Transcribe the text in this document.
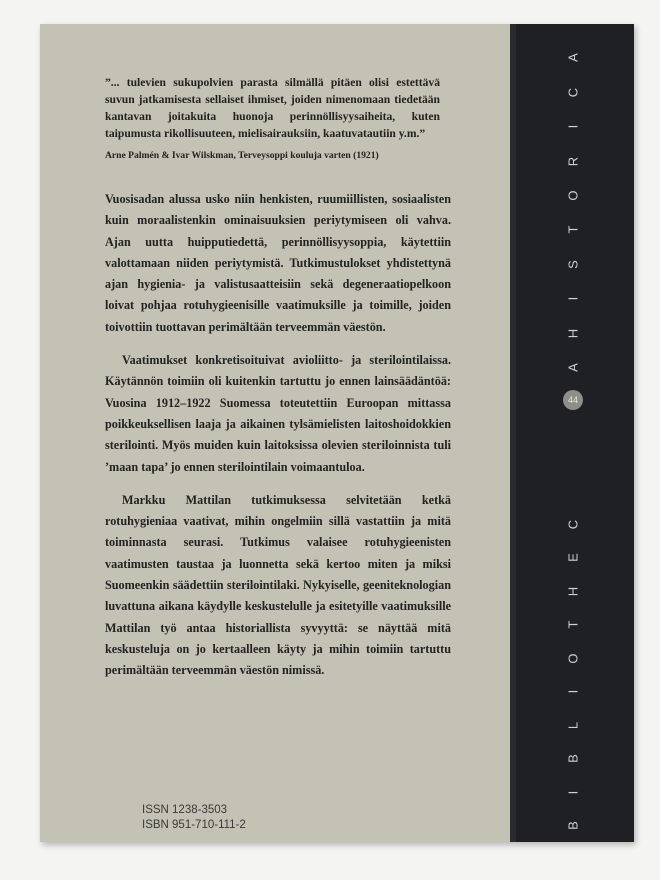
”... tulevien sukupolvien parasta silmällä pitäen olisi estettävä suvun jatkamisesta sellaiset ihmiset, joiden nimenomaan tiedetään kantavan joitakuita huonoja perinnöllisyysaiheita, kuten taipumusta rikollisuuteen, mielisairauksiin, kaatuvatautiin y.m.”
Arne Palmén & Ivar Wilskman, Terveysoppi kouluja varten (1921)

Vuosisadan alussa usko niin henkisten, ruumiillisten, sosiaalisten kuin moraalistenkin ominaisuuksien periytymiseen oli vahva. Ajan uutta huipputiedettä, perinnöllisyysoppia, käytettiin valottamaan niiden periytymistä. Tutkimustulokset yhdistettynä ajan hygienia- ja valistusaatteisiin sekä degeneraatiopelkoon loivat pohjaa rotuhygieenisille vaatimuksille ja toimille, joiden toivottiin tuottavan perimältään terveemmän väestön.

Vaatimukset konkretisoituivat avioliitto- ja sterilointilaissa. Käytännön toimiin oli kuitenkin tartuttu jo ennen lainsäädäntöä: Vuosina 1912–1922 Suomessa toteutettiin Euroopan mittassa poikkeuksellisen laaja ja aikainen tylsämielisten laitoshoidokkien sterilointi. Myös muiden kuin laitoksissa olevien steriloinnista tuli ’maan tapa’ jo ennen sterilointilain voimaantuloa.

Markku Mattilan tutkimuksessa selvitetään ketkä rotuhygieniaa vaativat, mihin ongelmiin sillä vastattiin ja mitä toiminnasta seurasi. Tutkimus valaisee rotuhygieenisten vaatimusten taustaa ja luonnetta sekä kertoo miten ja miksi Suomeenkin säädettiin sterilointilaki. Nykyiselle, geeniteknologian luvattuna aikana käydylle keskustelulle ja esitetyille vaatimuksille Mattilan työ antaa historiallista syvyyttä: se näyttää mitä keskusteluja on jo kertaalleen käyty ja mihin toimiin tartuttu perimältään terveemmän väestön nimissä.

ISSN 1238-3503
ISBN 951-710-111-2	B
I
B
L
I
O
T
H
E
C
A
H
I
S
T
O
R
I
C
A
44
